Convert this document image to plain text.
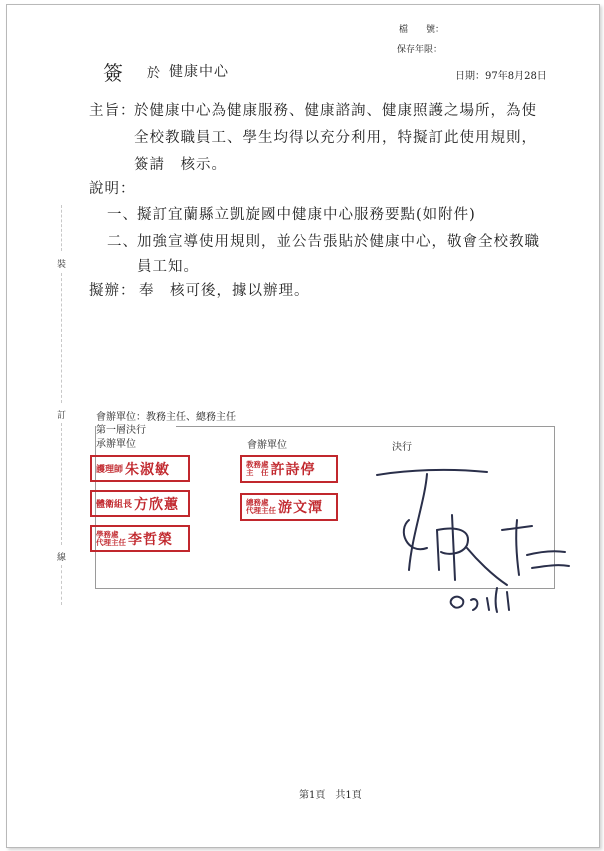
檔　　號：
保存年限：
簽 於 健康中心	日期：97年8月28日
主旨：
於健康中心為健康服務、健康諮詢、健康照護之場所，為使
全校教職員工、學生均得以充分利用，特擬訂此使用規則，
簽請　核示。
說明：
一、 擬訂宜蘭縣立凱旋國中健康中心服務要點(如附件)
二、 加強宣導使用規則，並公告張貼於健康中心，敬會全校教職
員工知。
擬辦： 奉　核可後，據以辦理。
裝
訂
線
會辦單位：教務主任、總務主任
第一層決行
承辦單位	會辦單位	決行
護理師 朱淑敏
體衛組長 方欣蕙
學務處
代理主任 李哲榮
教務處
主　任 許詩停
總務處
代理主任 游文潭
第1頁　共1頁
